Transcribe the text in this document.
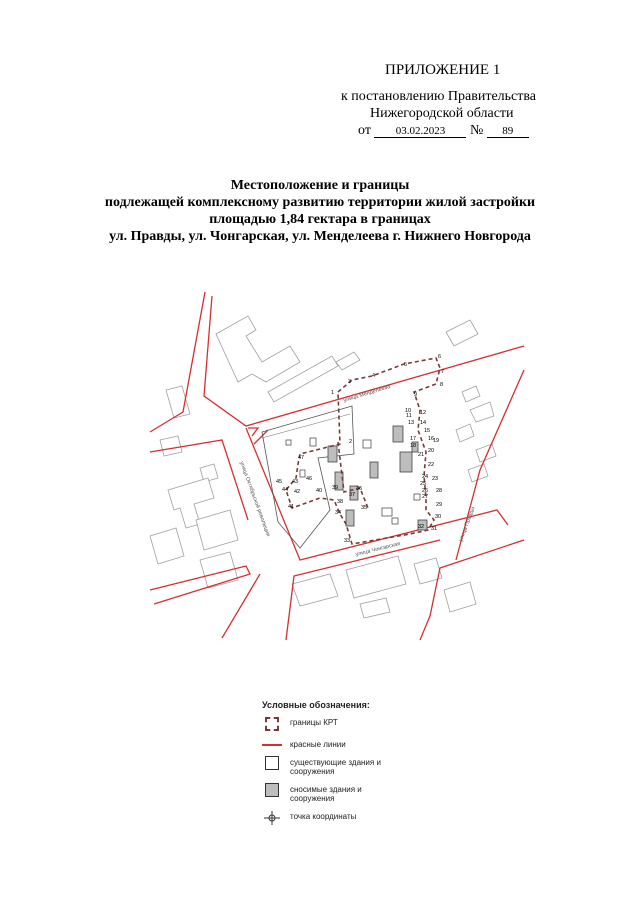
ПРИЛОЖЕНИЕ 1
к постановлению Правительства
Нижегородской области
от 03.02.2023 № 89
Местоположение и границы
подлежащей комплексному развитию территории жилой застройки
площадью 1,84 гектара в границах
ул. Правды, ул. Чонгарская, ул. Менделеева г. Нижнего Новгорода
улица Менделеева
улица Чонгарская
улица Октябрьской революции	улица Правды
1
2
3
4
5
6
7
8
9
10
11 12
13 14
15
16
17
18
19
20
21
22
23
24
25
26
27
28
29
30
31
32
33
34
35
36
37
38
39
40
41
42
43
44
45	46
47
Условные обозначения:
границы КРТ
красные линии
существующие здания и сооружения
сносимые здания и сооружения
точка координаты
